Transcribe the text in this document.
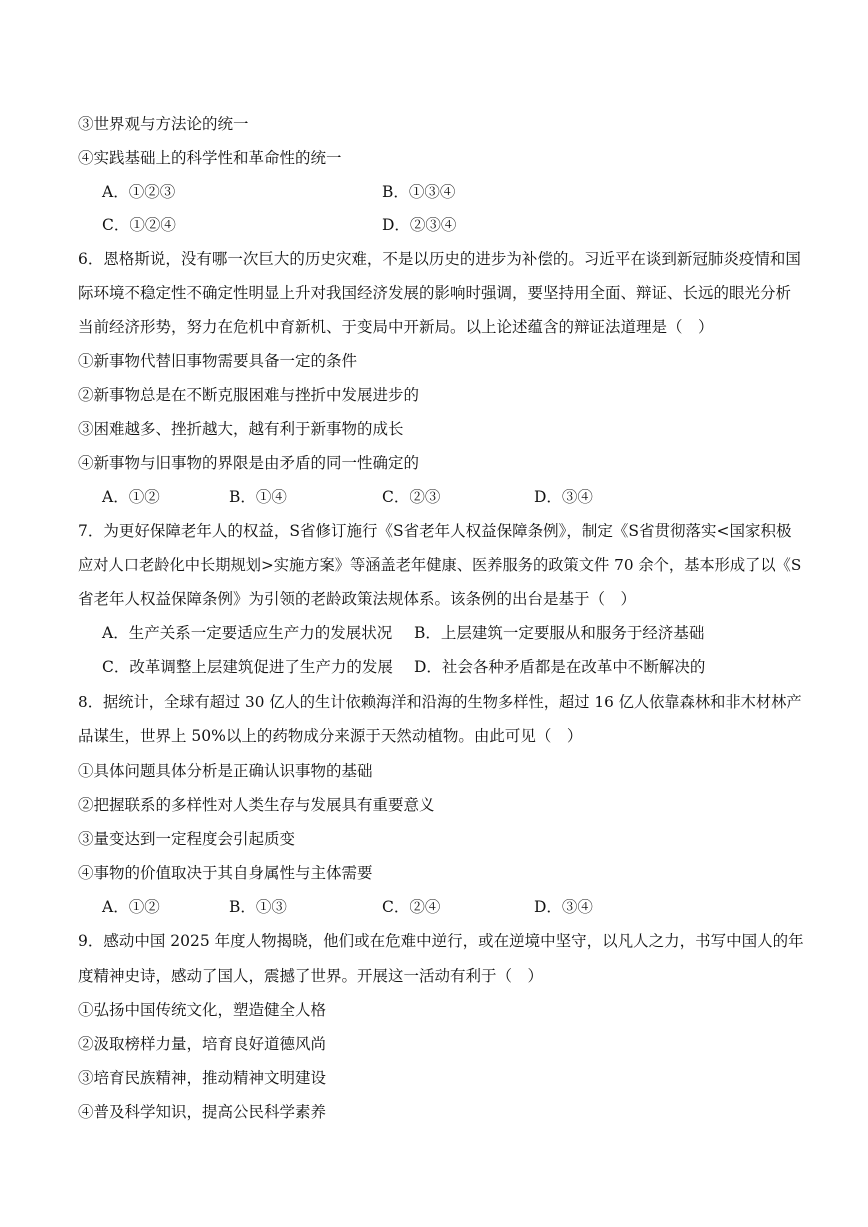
③世界观与方法论的统一
④实践基础上的科学性和革命性的统一
A．①②③	B．①③④
C．①②④	D．②③④
6．恩格斯说，没有哪一次巨大的历史灾难，不是以历史的进步为补偿的。习近平在谈到新冠肺炎疫情和国
际环境不稳定性不确定性明显上升对我国经济发展的影响时强调，要坚持用全面、辩证、长远的眼光分析
当前经济形势，努力在危机中育新机、于变局中开新局。以上论述蕴含的辩证法道理是（　）
①新事物代替旧事物需要具备一定的条件
②新事物总是在不断克服困难与挫折中发展进步的
③困难越多、挫折越大，越有利于新事物的成长
④新事物与旧事物的界限是由矛盾的同一性确定的
A．①②	B．①④	C．②③	D．③④
7．为更好保障老年人的权益，S省修订施行《S省老年人权益保障条例》，制定《S省贯彻落实<国家积极
应对人口老龄化中长期规划>实施方案》等涵盖老年健康、医养服务的政策文件 70 余个，基本形成了以《S
省老年人权益保障条例》为引领的老龄政策法规体系。该条例的出台是基于（　）
A．生产关系一定要适应生产力的发展状况 B．上层建筑一定要服从和服务于经济基础
C．改革调整上层建筑促进了生产力的发展 D．社会各种矛盾都是在改革中不断解决的
8．据统计，全球有超过 30 亿人的生计依赖海洋和沿海的生物多样性，超过 16 亿人依靠森林和非木材林产
品谋生，世界上 50%以上的药物成分来源于天然动植物。由此可见（　）
①具体问题具体分析是正确认识事物的基础
②把握联系的多样性对人类生存与发展具有重要意义
③量变达到一定程度会引起质变
④事物的价值取决于其自身属性与主体需要
A．①②	B．①③	C．②④	D．③④
9．感动中国 2025 年度人物揭晓，他们或在危难中逆行，或在逆境中坚守，以凡人之力，书写中国人的年
度精神史诗，感动了国人，震撼了世界。开展这一活动有利于（　）
①弘扬中国传统文化，塑造健全人格
②汲取榜样力量，培育良好道德风尚
③培育民族精神，推动精神文明建设
④普及科学知识，提高公民科学素养
